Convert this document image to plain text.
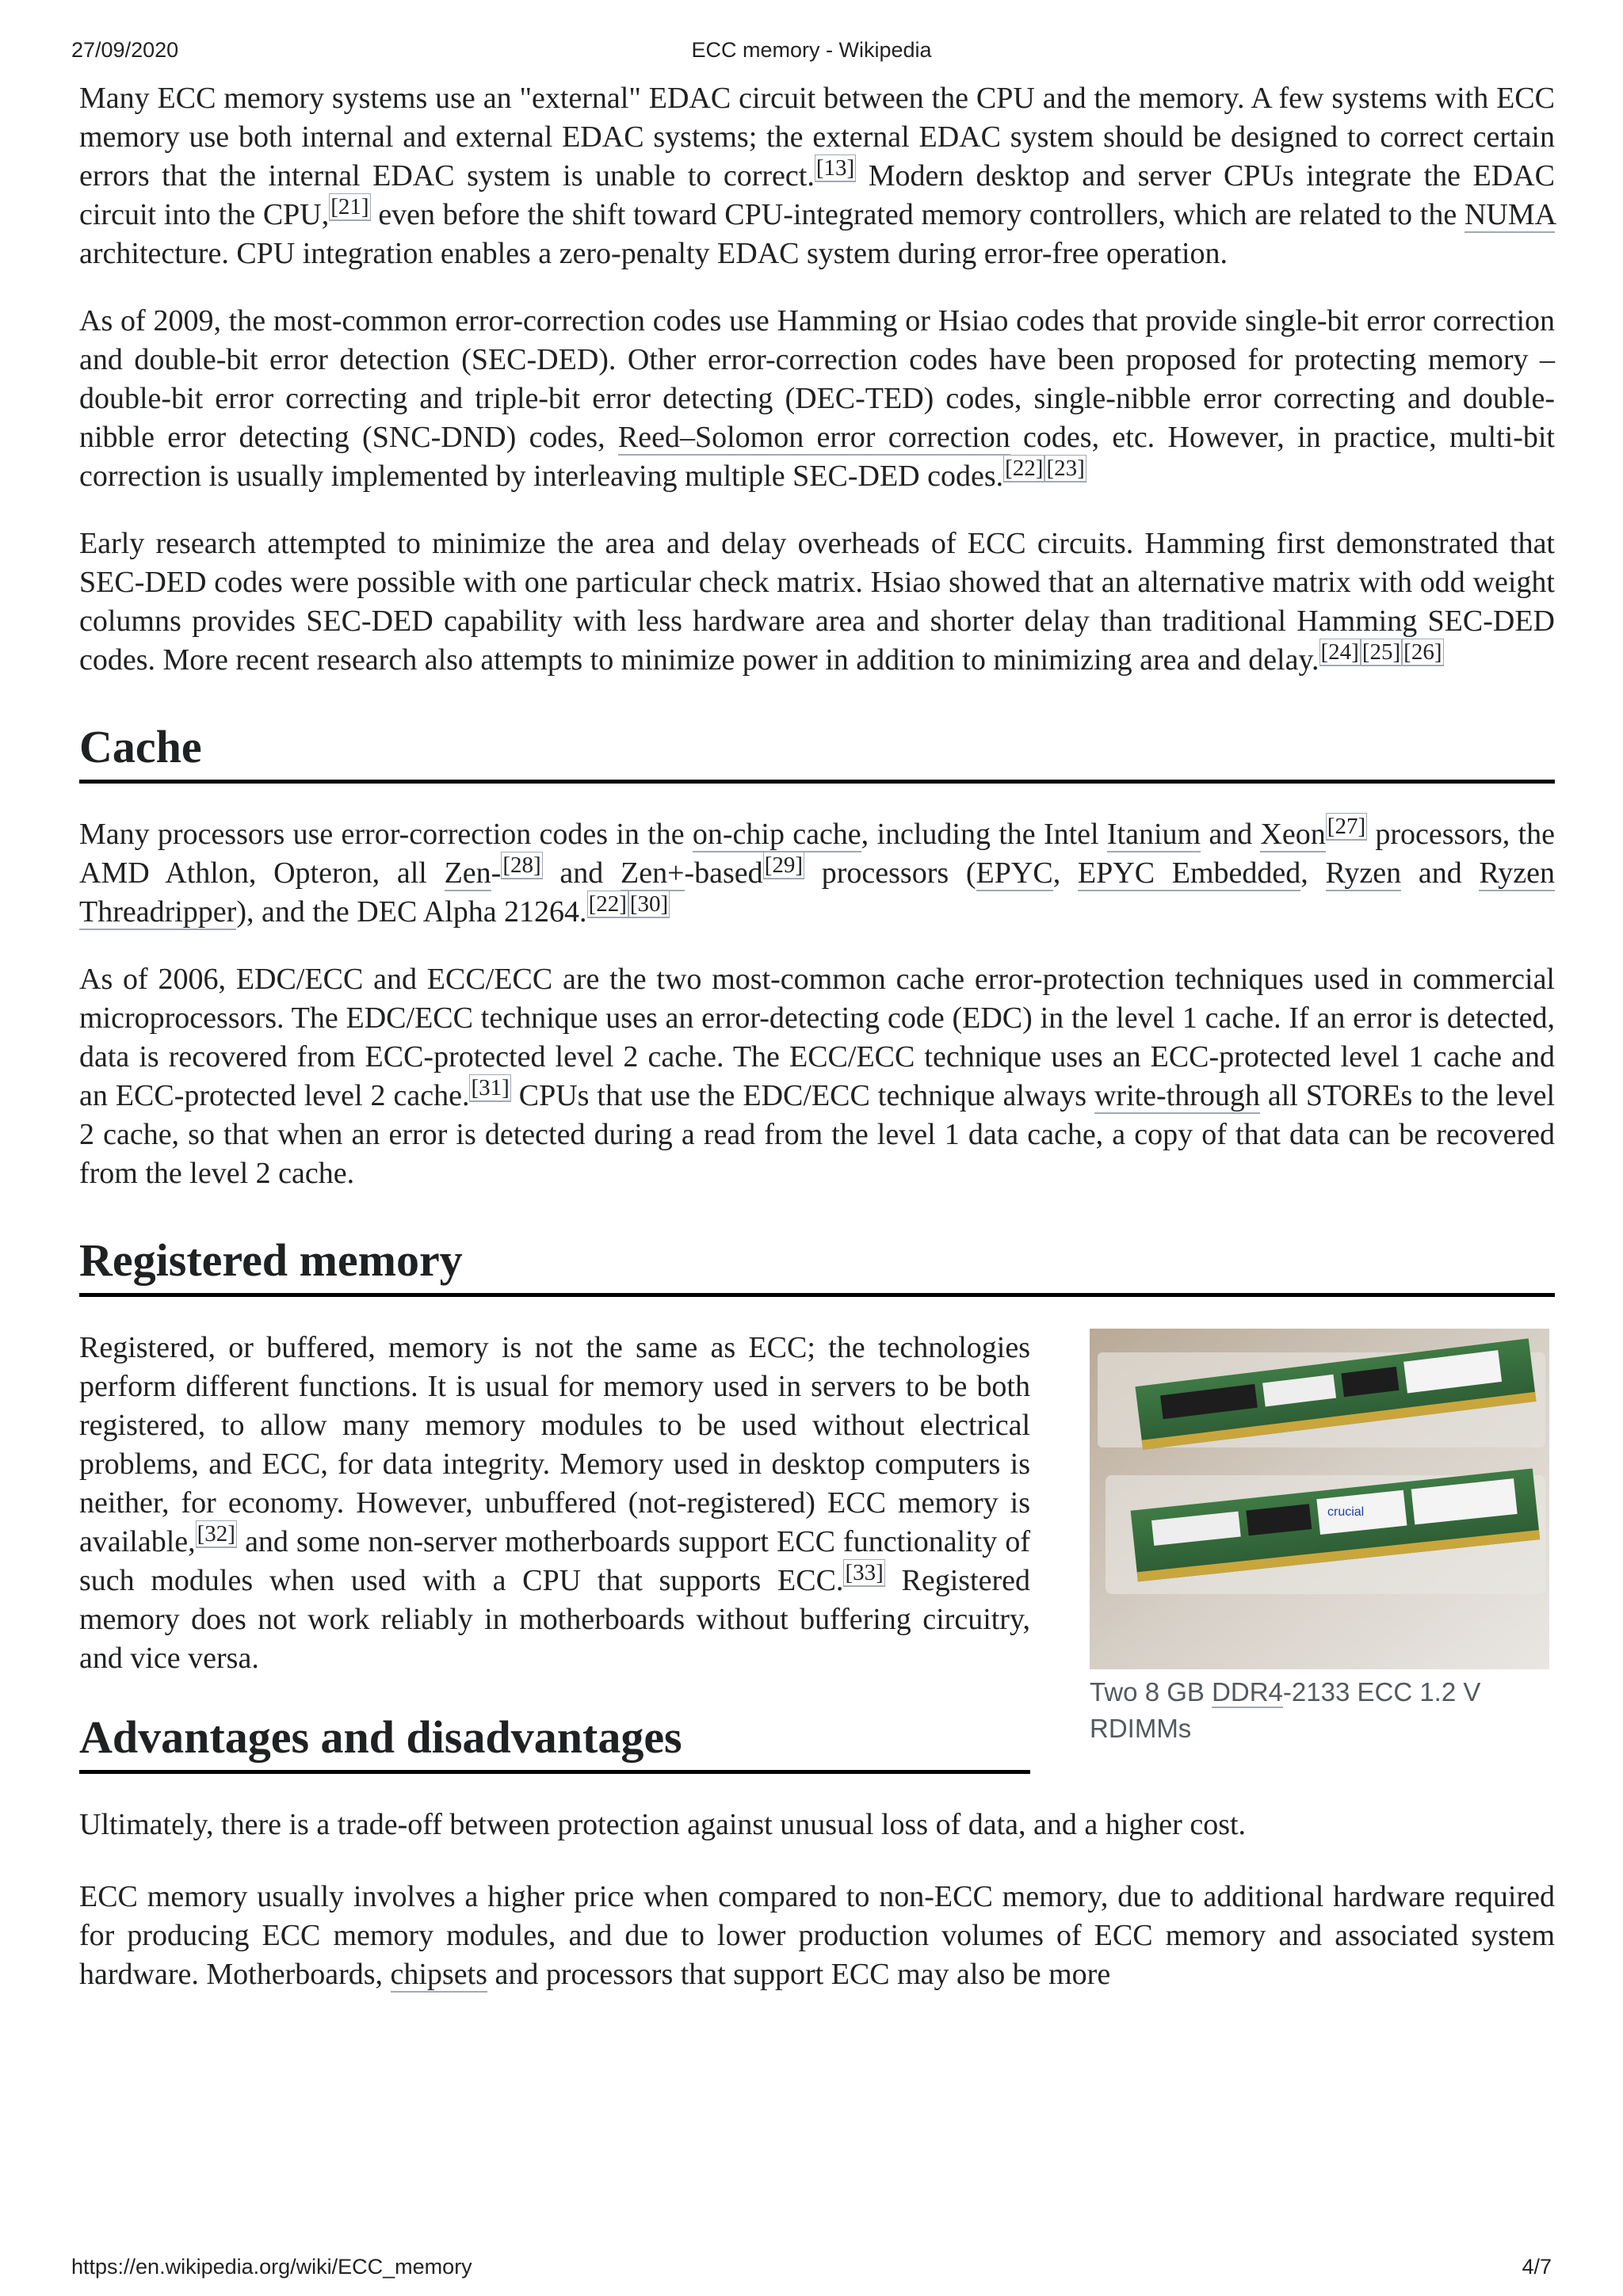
27/09/2020	ECC memory - Wikipedia

Many ECC memory systems use an "external" EDAC circuit between the CPU and the memory. A few systems with ECC memory use both internal and external EDAC systems; the external EDAC system should be designed to correct certain errors that the internal EDAC system is unable to correct.[13] Modern desktop and server CPUs integrate the EDAC circuit into the CPU,[21] even before the shift toward CPU-integrated memory controllers, which are related to the NUMA architecture. CPU integration enables a zero-penalty EDAC system during error-free operation.

As of 2009, the most-common error-correction codes use Hamming or Hsiao codes that provide single-bit error correction and double-bit error detection (SEC-DED). Other error-correction codes have been proposed for protecting memory – double-bit error correcting and triple-bit error detecting (DEC-TED) codes, single-nibble error correcting and double-nibble error detecting (SNC-DND) codes, Reed–Solomon error correction codes, etc. However, in practice, multi-bit correction is usually implemented by interleaving multiple SEC-DED codes.[22] [23]

Early research attempted to minimize the area and delay overheads of ECC circuits. Hamming first demonstrated that SEC-DED codes were possible with one particular check matrix. Hsiao showed that an alternative matrix with odd weight columns provides SEC-DED capability with less hardware area and shorter delay than traditional Hamming SEC-DED codes. More recent research also attempts to minimize power in addition to minimizing area and delay.[24] [25] [26]

Cache

Many processors use error-correction codes in the on-chip cache, including the Intel Itanium and Xeon[27] processors, the AMD Athlon, Opteron, all Zen-[28] and Zen+-based[29] processors (EPYC, EPYC Embedded, Ryzen and Ryzen Threadripper), and the DEC Alpha 21264.[22] [30]

As of 2006, EDC/ECC and ECC/ECC are the two most-common cache error-protection techniques used in commercial microprocessors. The EDC/ECC technique uses an error-detecting code (EDC) in the level 1 cache. If an error is detected, data is recovered from ECC-protected level 2 cache. The ECC/ECC technique uses an ECC-protected level 1 cache and an ECC-protected level 2 cache.[31] CPUs that use the EDC/ECC technique always write-through all STOREs to the level 2 cache, so that when an error is detected during a read from the level 1 data cache, a copy of that data can be recovered from the level 2 cache.

Registered memory

Registered, or buffered, memory is not the same as ECC; the technologies perform different functions. It is usual for memory used in servers to be both registered, to allow many memory modules to be used without electrical problems, and ECC, for data integrity. Memory used in desktop computers is neither, for economy. However, unbuffered (not-registered) ECC memory is available,[32] and some non-server motherboards support ECC functionality of such modules when used with a CPU that supports ECC.[33] Registered memory does not work reliably in motherboards without buffering circuitry, and vice versa.

Advantages and disadvantages
crucial
Two 8 GB DDR4-2133 ECC 1.2 V RDIMMs

Ultimately, there is a trade-off between protection against unusual loss of data, and a higher cost.

ECC memory usually involves a higher price when compared to non-ECC memory, due to additional hardware required for producing ECC memory modules, and due to lower production volumes of ECC memory and associated system hardware. Motherboards, chipsets and processors that support ECC may also be more

https://en.wikipedia.org/wiki/ECC_memory	4/7
